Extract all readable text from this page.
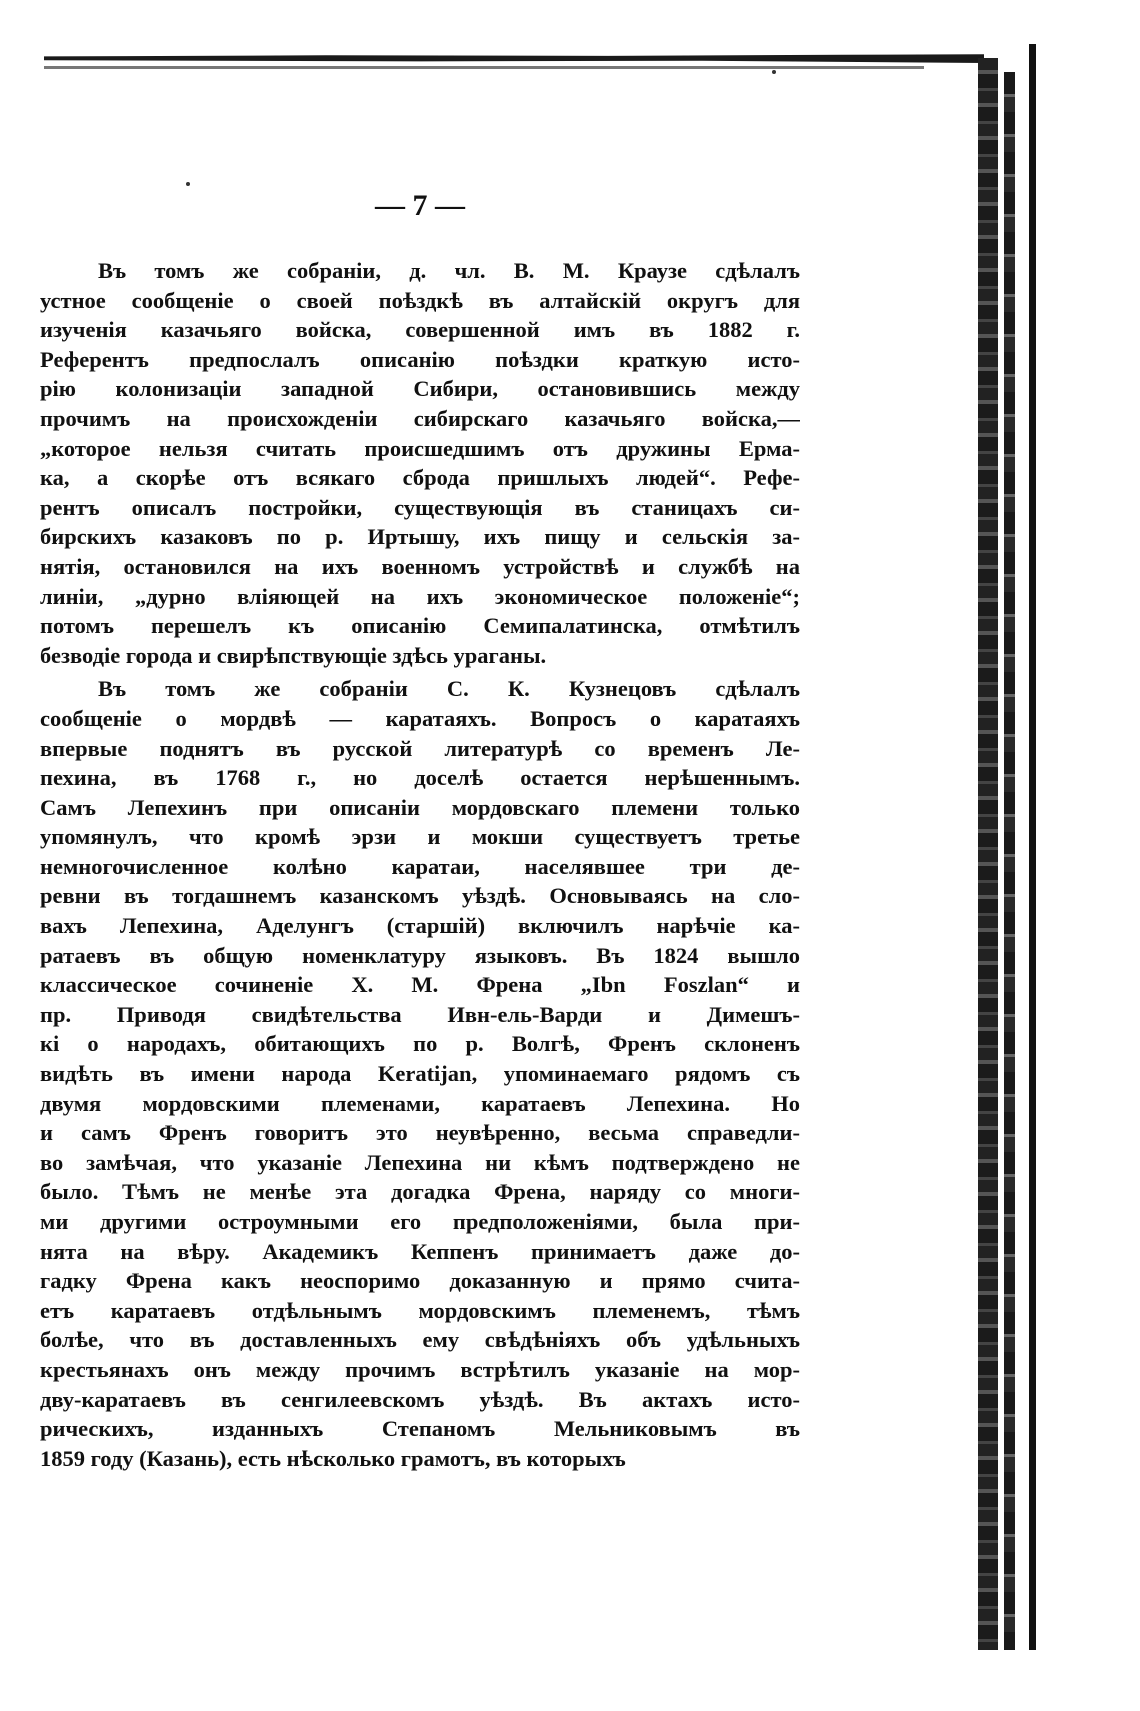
— 7 —
Въ томъ же собраніи, д. чл. В. М. Краузе сдѣлалъ
устное сообщеніе о своей поѣздкѣ въ алтайскій округъ для
изученія казачьяго войска, совершенной имъ въ 1882 г.
Референтъ предпослалъ описанію поѣздки краткую исто-
рію колонизаціи западной Сибири, остановившись между
прочимъ на происхожденіи сибирскаго казачьяго войска,—
„которое нельзя считать происшедшимъ отъ дружины Ерма-
ка, а скорѣе отъ всякаго сброда пришлыхъ людей“. Рефе-
рентъ описалъ постройки, существующія въ станицахъ си-
бирскихъ казаковъ по р. Иртышу, ихъ пищу и сельскія за-
нятія, остановился на ихъ военномъ устройствѣ и службѣ на
линіи, „дурно вліяющей на ихъ экономическое положеніе“;
потомъ перешелъ къ описанію Семипалатинска, отмѣтилъ
безводіе города и свирѣпствующіе здѣсь ураганы.
Въ томъ же собраніи С. К. Кузнецовъ сдѣлалъ
сообщеніе о мордвѣ — каратаяхъ. Вопросъ о каратаяхъ
впервые поднятъ въ русской литературѣ со временъ Ле-
пехина, въ 1768 г., но доселѣ остается нерѣшеннымъ.
Самъ Лепехинъ при описаніи мордовскаго племени только
упомянулъ, что кромѣ эрзи и мокши существуетъ третье
немногочисленное колѣно каратаи, населявшее три де-
ревни въ тогдашнемъ казанскомъ уѣздѣ. Основываясь на сло-
вахъ Лепехина, Аделунгъ (старшій) включилъ нарѣчіе ка-
ратаевъ въ общую номенклатуру языковъ. Въ 1824 вышло
классическое сочиненіе Х. М. Френа „Ibn Foszlan“ и
пр. Приводя свидѣтельства Ивн-ель-Варди и Димешъ-
кі о народахъ, обитающихъ по р. Волгѣ, Френъ склоненъ
видѣть въ имени народа Keratijan, упоминаемаго рядомъ съ
двумя мордовскими племенами, каратаевъ Лепехина. Но
и самъ Френъ говоритъ это неувѣренно, весьма справедли-
во замѣчая, что указаніе Лепехина ни кѣмъ подтверждено не
было. Тѣмъ не менѣе эта догадка Френа, наряду со многи-
ми другими остроумными его предположеніями, была при-
нята на вѣру. Академикъ Кеппенъ принимаетъ даже до-
гадку Френа какъ неоспоримо доказанную и прямо счита-
етъ каратаевъ отдѣльнымъ мордовскимъ племенемъ, тѣмъ
болѣе, что въ доставленныхъ ему свѣдѣніяхъ объ удѣльныхъ
крестьянахъ онъ между прочимъ встрѣтилъ указаніе на мор-
дву-каратаевъ въ сенгилеевскомъ уѣздѣ. Въ актахъ исто-
рическихъ, изданныхъ Степаномъ Мельниковымъ въ
1859 году (Казань), есть нѣсколько грамотъ, въ которыхъ
